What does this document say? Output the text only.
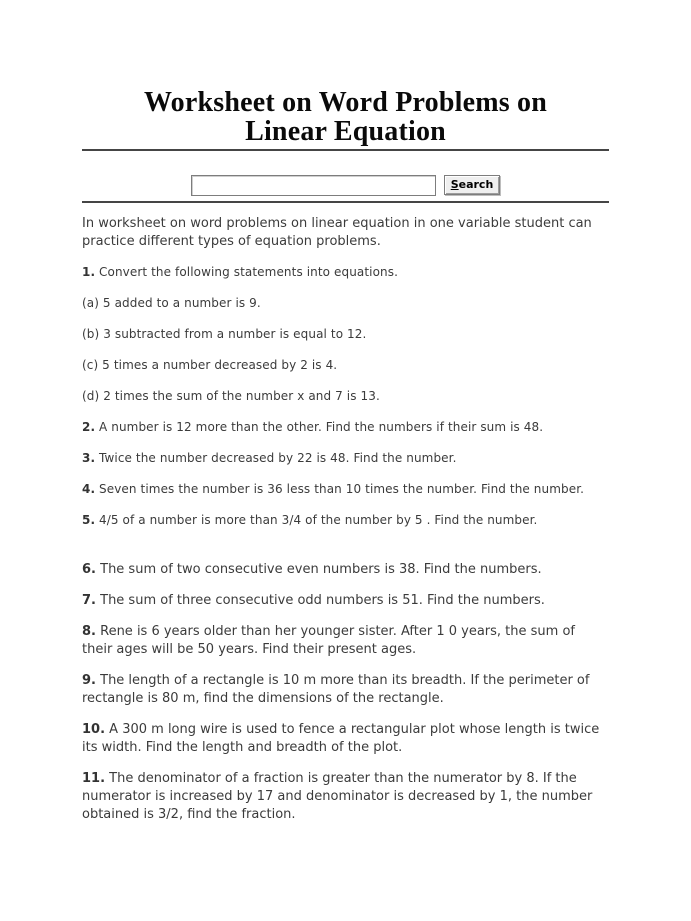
Worksheet on Word Problems on
Linear Equation
Search

In worksheet on word problems on linear equation in one variable student can practice different types of equation problems.

1. Convert the following statements into equations.

(a) 5 added to a number is 9.

(b) 3 subtracted from a number is equal to 12.

(c) 5 times a number decreased by 2 is 4.

(d) 2 times the sum of the number x and 7 is 13.

2. A number is 12 more than the other. Find the numbers if their sum is 48.

3. Twice the number decreased by 22 is 48. Find the number.

4. Seven times the number is 36 less than 10 times the number. Find the number.

5. 4/5 of a number is more than 3/4 of the number by 5 . Find the number.

6. The sum of two consecutive even numbers is 38. Find the numbers.

7. The sum of three consecutive odd numbers is 51. Find the numbers.

8. Rene is 6 years older than her younger sister. After 1 0 years, the sum of their ages will be 50 years. Find their present ages.

9. The length of a rectangle is 10 m more than its breadth. If the perimeter of rectangle is 80 m, find the dimensions of the rectangle.

10. A 300 m long wire is used to fence a rectangular plot whose length is twice its width. Find the length and breadth of the plot.

11. The denominator of a fraction is greater than the numerator by 8. If the numerator is increased by 17 and denominator is decreased by 1, the number obtained is 3/2, find the fraction.
